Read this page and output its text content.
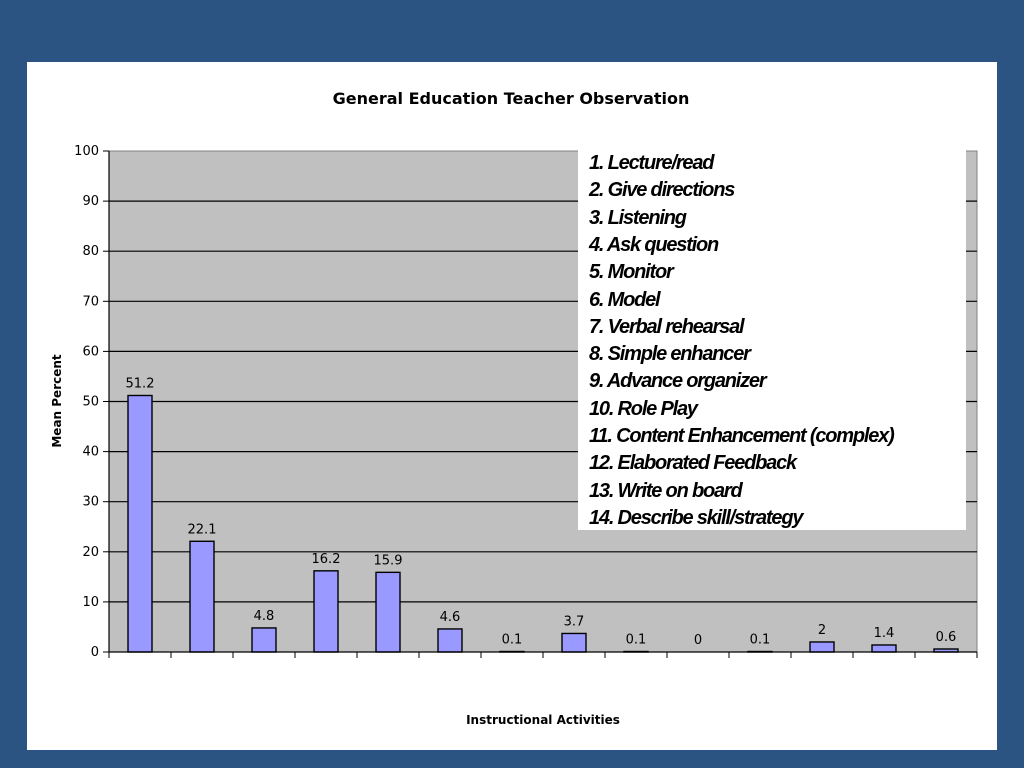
0
10
20
30
40
50
60
70
80
90
100
51.2
22.1
4.8
16.2	15.9
4.6
0.1
3.7
0.1	0	0.1
2	1.4	0.6
General Education Teacher Observation
Instructional Activities
Mean Percent
1. Lecture/read
2. Give directions
3. Listening
4. Ask question
5. Monitor
6. Model
7. Verbal rehearsal
8. Simple enhancer
9. Advance organizer
10. Role Play
11. Content Enhancement (complex)
12. Elaborated Feedback
13. Write on board
14. Describe skill/strategy
